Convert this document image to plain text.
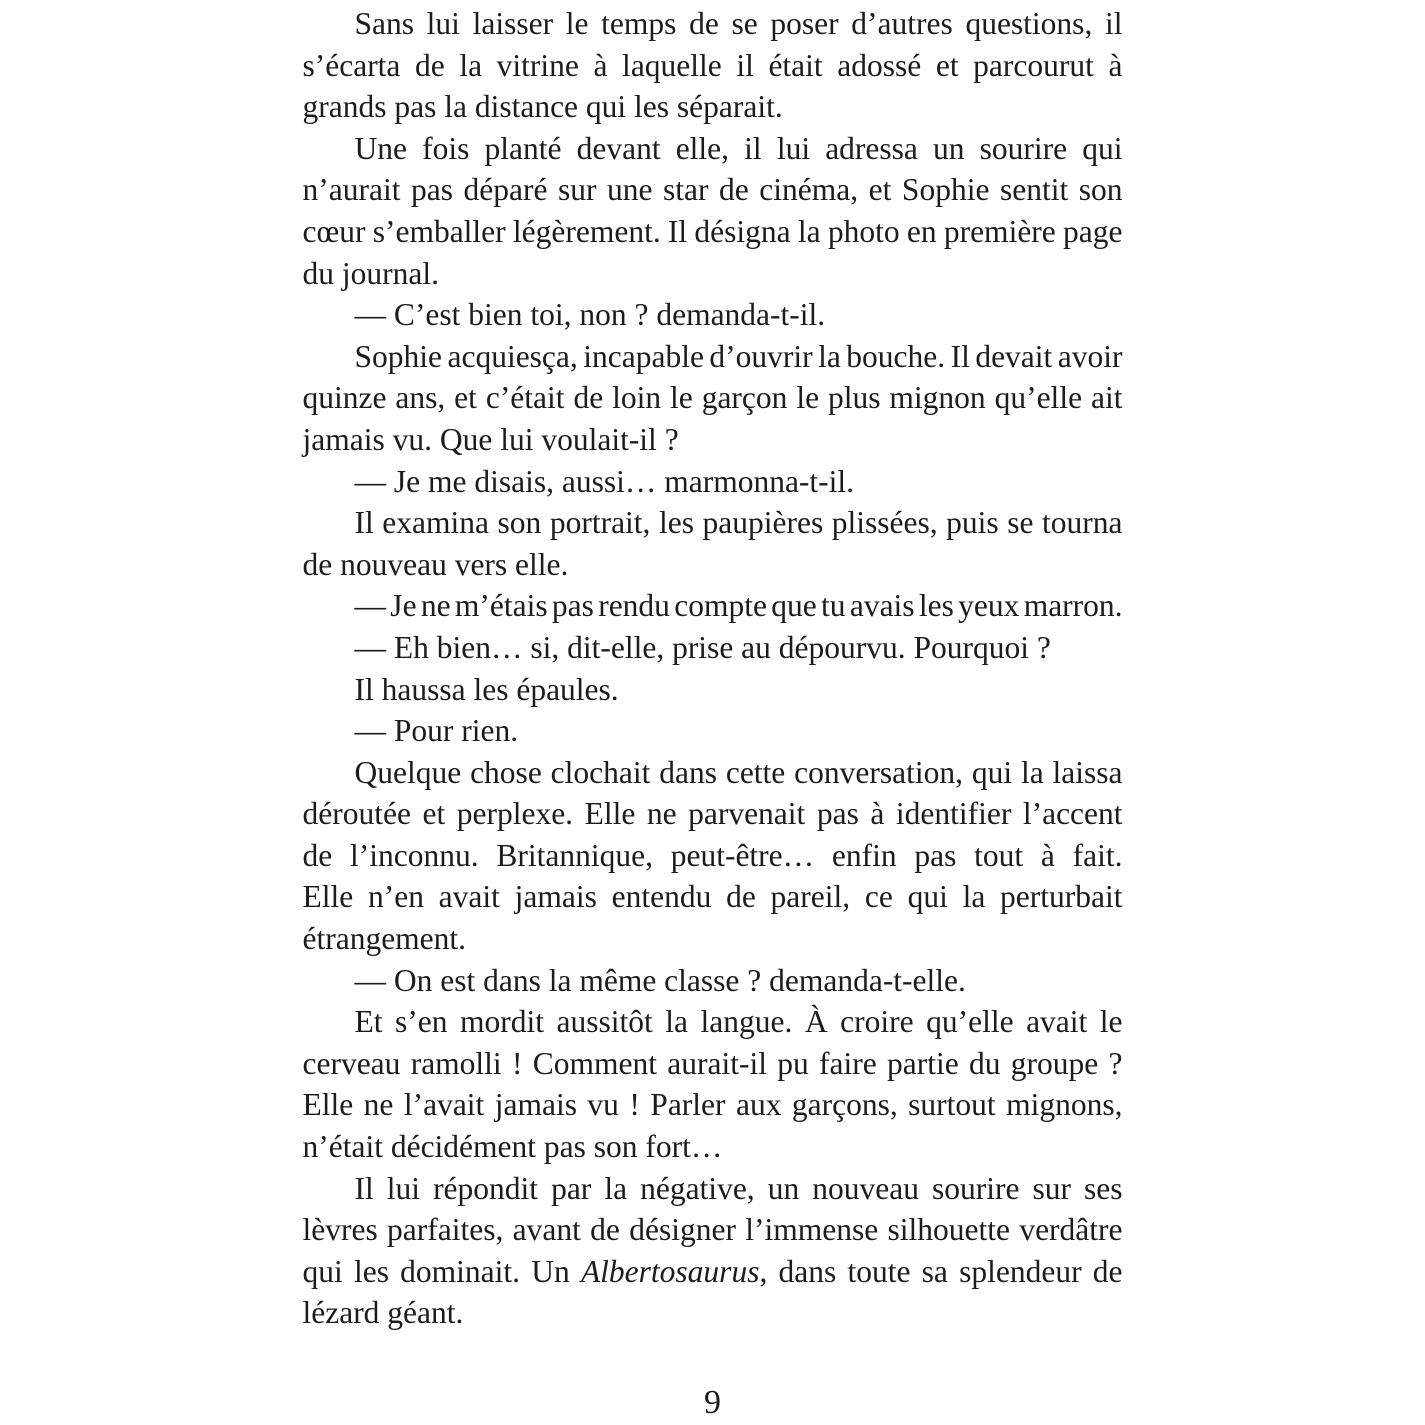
Sans lui laisser le temps de se poser d’autres questions, il
s’écarta de la vitrine à laquelle il était adossé et parcourut à
grands pas la distance qui les séparait.
Une fois planté devant elle, il lui adressa un sourire qui
n’aurait pas déparé sur une star de cinéma, et Sophie sentit son
cœur s’emballer légèrement. Il désigna la photo en première page
du journal.
— C’est bien toi, non ? demanda-t-il.
Sophie acquiesça, incapable d’ouvrir la bouche. Il devait avoir
quinze ans, et c’était de loin le garçon le plus mignon qu’elle ait
jamais vu. Que lui voulait-il ?
— Je me disais, aussi… marmonna-t-il.
Il examina son portrait, les paupières plissées, puis se tourna
de nouveau vers elle.
— Je ne m’étais pas rendu compte que tu avais les yeux marron.
— Eh bien… si, dit-elle, prise au dépourvu. Pourquoi ?
Il haussa les épaules.
— Pour rien.
Quelque chose clochait dans cette conversation, qui la laissa
déroutée et perplexe. Elle ne parvenait pas à identifier l’accent
de l’inconnu. Britannique, peut-être… enfin pas tout à fait.
Elle n’en avait jamais entendu de pareil, ce qui la perturbait
étrangement.
— On est dans la même classe ? demanda-t-elle.
Et s’en mordit aussitôt la langue. À croire qu’elle avait le
cerveau ramolli ! Comment aurait-il pu faire partie du groupe ?
Elle ne l’avait jamais vu ! Parler aux garçons, surtout mignons,
n’était décidément pas son fort…
Il lui répondit par la négative, un nouveau sourire sur ses
lèvres parfaites, avant de désigner l’immense silhouette verdâtre
qui les dominait. Un Albertosaurus, dans toute sa splendeur de
lézard géant.
9
